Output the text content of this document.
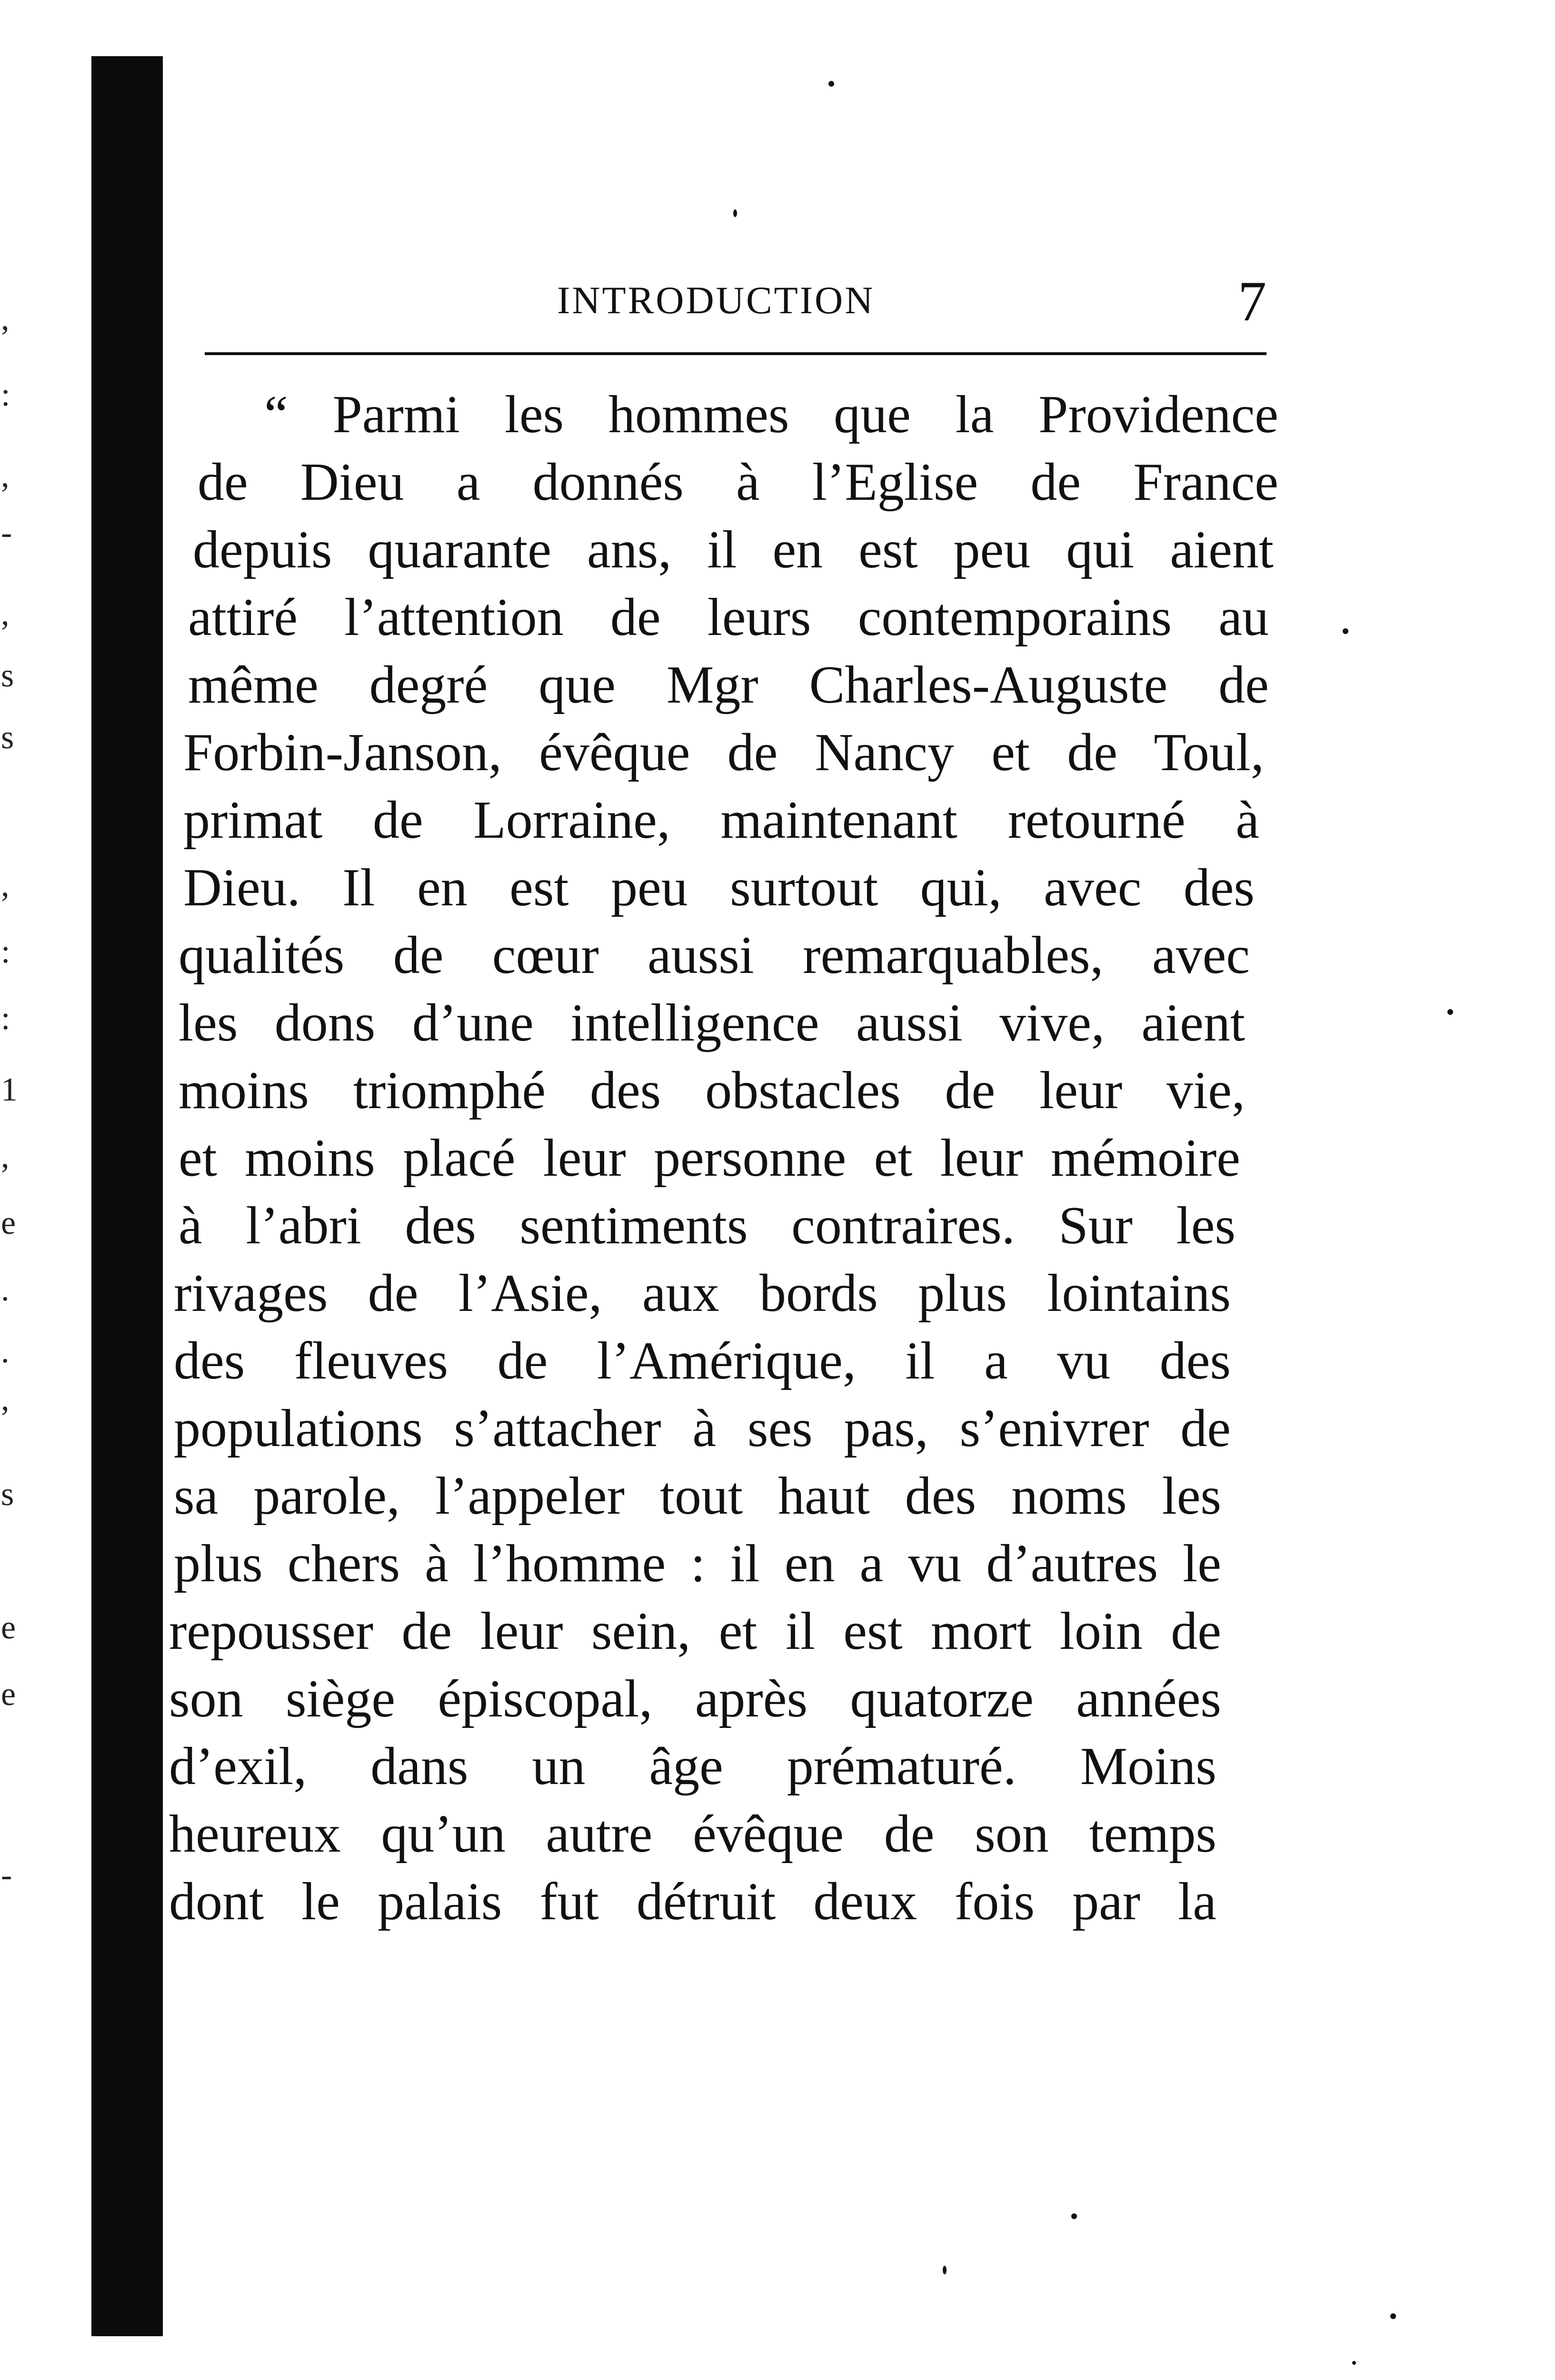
,
:
,
-
,
s
s
,
:
:
1
,
e
.
.
,
s
e
e
-
INTRODUCTION	7
“ Parmi les hommes que la Providence
de Dieu a donnés à l’Eglise de France
depuis quarante ans, il en est peu qui aient
attiré l’attention de leurs contemporains au
même degré que Mgr Charles-Auguste de
Forbin-Janson, évêque de Nancy et de Toul,
primat de Lorraine, maintenant retourné à
Dieu. Il en est peu surtout qui, avec des
qualités de cœur aussi remarquables, avec
les dons d’une intelligence aussi vive, aient
moins triomphé des obstacles de leur vie,
et moins placé leur personne et leur mémoire
à l’abri des sentiments contraires. Sur les
rivages de l’Asie, aux bords plus lointains
des fleuves de l’Amérique, il a vu des
populations s’attacher à ses pas, s’enivrer de
sa parole, l’appeler tout haut des noms les
plus chers à l’homme : il en a vu d’autres le
repousser de leur sein, et il est mort loin de
son siège épiscopal, après quatorze années
d’exil, dans un âge prématuré. Moins
heureux qu’un autre évêque de son temps
dont le palais fut détruit deux fois par la
